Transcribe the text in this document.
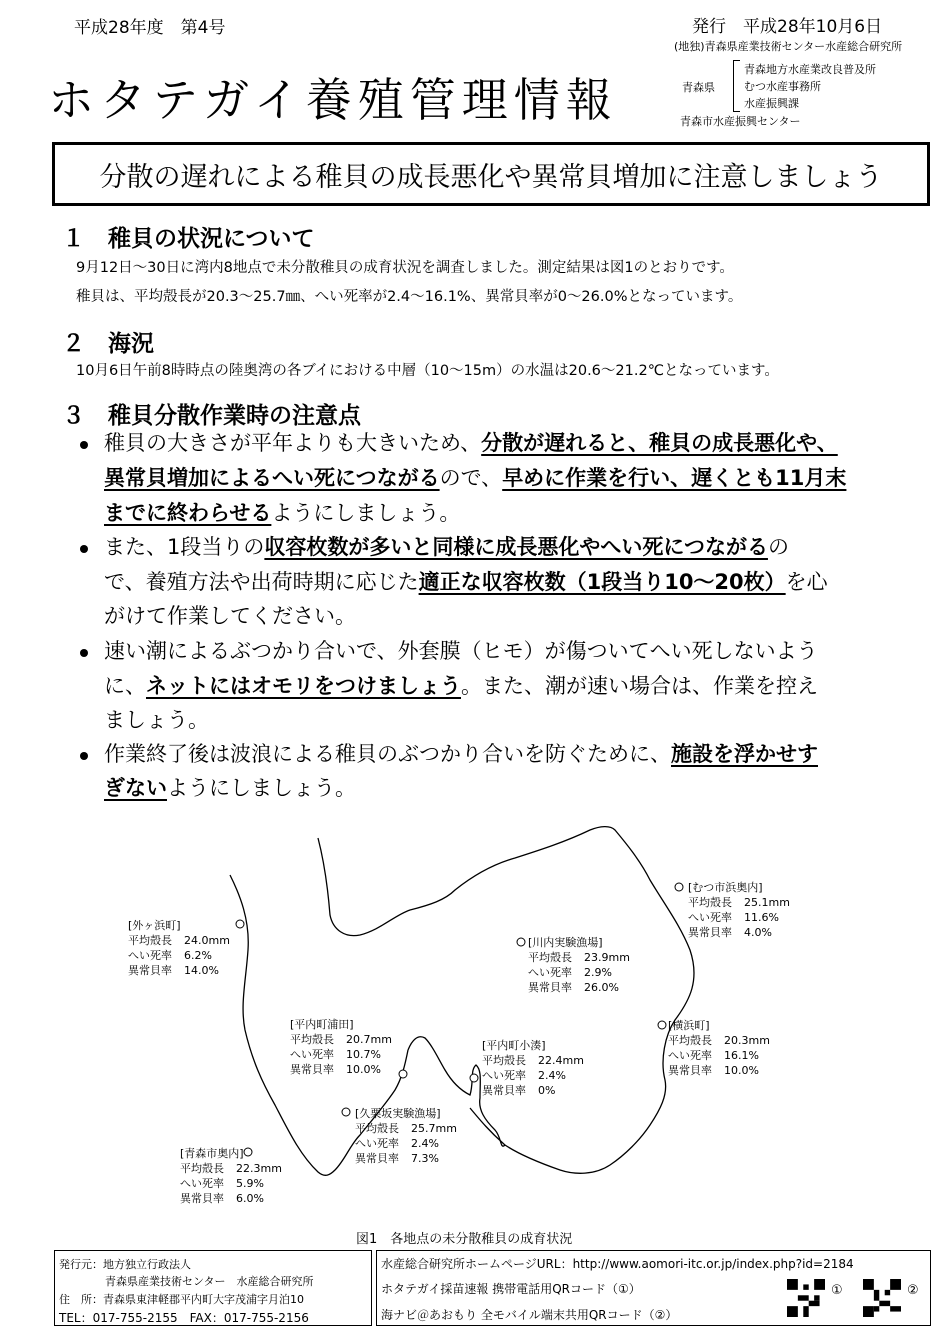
平成28年度　第4号	発行　平成28年10月6日
(地独)青森県産業技術センター水産総合研究所
ホタテガイ養殖管理情報	青森県
青森地方水産業改良普及所
むつ水産事務所
水産振興課
青森市水産振興センター
分散の遅れによる稚貝の成長悪化や異常貝増加に注意しましょう
１　稚貝の状況について
9月12日～30日に湾内8地点で未分散稚貝の成育状況を調査しました。測定結果は図1のとおりです。
稚貝は、平均殻長が20.3～25.7㎜、へい死率が2.4～16.1%、異常貝率が0～26.0%となっています。
２　海況
10月6日午前8時時点の陸奥湾の各ブイにおける中層（10～15m）の水温は20.6～21.2℃となっています。
３　稚貝分散作業時の注意点
稚貝の大きさが平年よりも大きいため、分散が遅れると、稚貝の成長悪化や、
異常貝増加によるへい死につながるので、早めに作業を行い、遅くとも11月末
までに終わらせるようにしましょう。
また、1段当りの収容枚数が多いと同様に成長悪化やへい死につながるの
で、養殖方法や出荷時期に応じた適正な収容枚数（1段当り10～20枚）を心
がけて作業してください。
速い潮によるぶつかり合いで、外套膜（ヒモ）が傷ついてへい死しないよう
に、ネットにはオモリをつけましょう。また、潮が速い場合は、作業を控え
ましょう。
作業終了後は波浪による稚貝のぶつかり合いを防ぐために、施設を浮かせす
ぎないようにしましょう。
[外ヶ浜町]
平均殻長 24.0mm
へい死率 6.2%
異常貝率 14.0%
[むつ市浜奥内]
平均殻長 25.1mm
へい死率 11.6%
異常貝率 4.0%
[川内実験漁場]
平均殻長 23.9mm
へい死率 2.9%
異常貝率 26.0%
[平内町浦田]
平均殻長 20.7mm
へい死率 10.7%
異常貝率 10.0%
[平内町小湊]
平均殻長 22.4mm
へい死率 2.4%
異常貝率 0%
[横浜町]
平均殻長 20.3mm
へい死率 16.1%
異常貝率 10.0%
[久栗坂実験漁場]
平均殻長 25.7mm
へい死率 2.4%
異常貝率 7.3%
[青森市奥内]
平均殻長 22.3mm
へい死率 5.9%
異常貝率 6.0%
図1　各地点の未分散稚貝の成育状況
発行元：地方独立行政法人
青森県産業技術センター　水産総合研究所
住　所：青森県東津軽郡平内町大字茂浦字月泊10
TEL：017-755-2155　FAX：017-755-2156
水産総合研究所ホームページURL：http://www.aomori-itc.or.jp/index.php?id=2184
ホタテガイ採苗速報 携帯電話用QRコード（①）
海ナビ＠あおもり 全モバイル端末共用QRコード（②）
①	②
